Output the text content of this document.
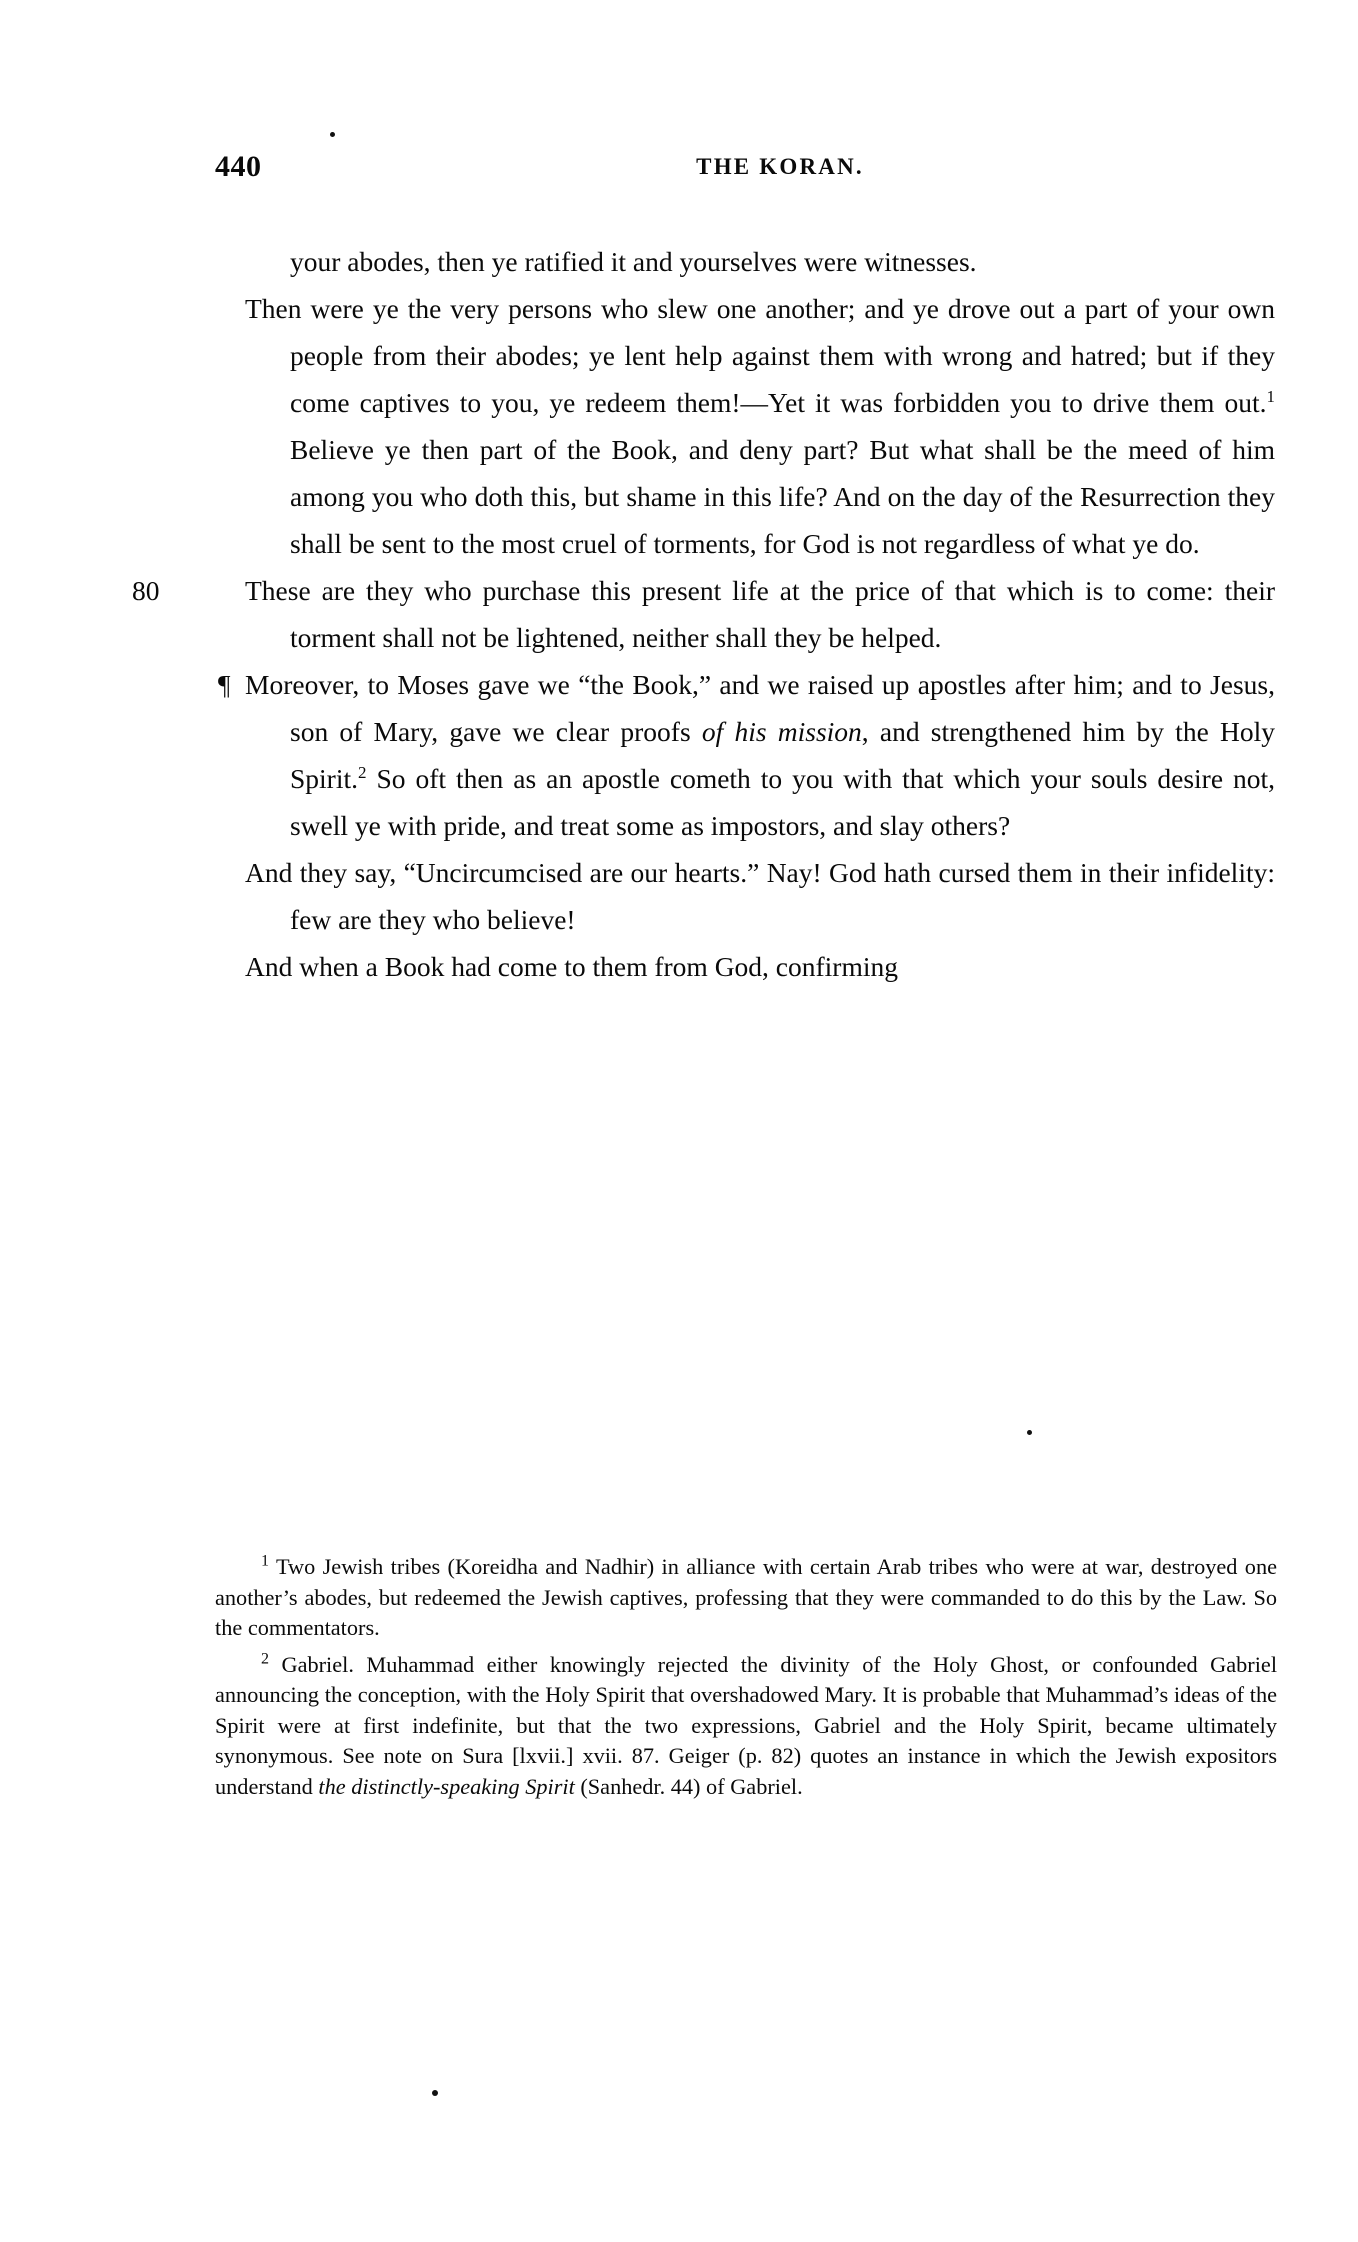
440	THE KORAN.

your abodes, then ye ratified it and yourselves were witnesses.

Then were ye the very persons who slew one another; and ye drove out a part of your own people from their abodes; ye lent help against them with wrong and hatred; but if they come captives to you, ye redeem them!—Yet it was forbidden you to drive them out.$^1$ Believe ye then part of the Book, and deny part? But what shall be the meed of him among you who doth this, but shame in this life? And on the day of the Resurrection they shall be sent to the most cruel of torments, for God is not regardless of what ye do.

80	These are they who purchase this present life at the price of that which is to come: their torment shall not be lightened, neither shall they be helped.

¶ Moreover, to Moses gave we “the Book,” and we raised up apostles after him; and to Jesus, son of Mary, gave we clear proofs of his mission, and strengthened him by the Holy Spirit.$^2$ So oft then as an apostle cometh to you with that which your souls desire not, swell ye with pride, and treat some as impostors, and slay others?

And they say, “Uncircumcised are our hearts.” Nay! God hath cursed them in their infidelity: few are they who believe!

And when a Book had come to them from God, confirming

$^1$ Two Jewish tribes (Koreidha and Nadhir) in alliance with certain Arab tribes who were at war, destroyed one another’s abodes, but redeemed the Jewish captives, professing that they were commanded to do this by the Law. So the commentators.

$^2$ Gabriel. Muhammad either knowingly rejected the divinity of the Holy Ghost, or confounded Gabriel announcing the conception, with the Holy Spirit that overshadowed Mary. It is probable that Muhammad’s ideas of the Spirit were at first indefinite, but that the two expressions, Gabriel and the Holy Spirit, became ultimately synonymous. See note on Sura [lxvii.] xvii. 87. Geiger (p. 82) quotes an instance in which the Jewish expositors understand the distinctly-speaking Spirit (Sanhedr. 44) of Gabriel.
